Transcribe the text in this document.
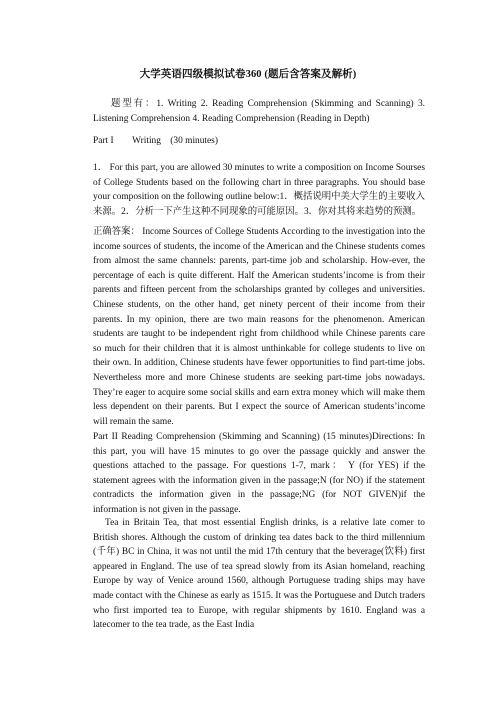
大学英语四级模拟试卷360 (题后含答案及解析)

题型有：1. Writing 2. Reading Comprehension (Skimming and Scanning) 3. Listening Comprehension 4. Reading Comprehension (Reading in Depth)

Part I        Writing    (30 minutes)

1． For this part, you are allowed 30 minutes to write a composition on Income Sourses of College Students based on the following chart in three paragraphs. You should base your composition on the following outline below:1．概括说明中美大学生的主要收入来源。2．分析一下产生这种不同现象的可能原因。3．你对其将来趋势的预测。

正确答案： Income Sources of College Students According to the investigation into the income sources of students, the income of the American and the Chinese students comes from almost the same channels: parents, part-time job and scholarship. How-ever, the percentage of each is quite different. Half the American students’income is from their parents and fifteen percent from the scholarships granted by colleges and universities. Chinese students, on the other hand, get ninety percent of their income from their parents. In my opinion, there are two main reasons for the phenomenon. American students are taught to be independent right from childhood while Chinese parents care so much for their children that it is almost unthinkable for college students to live on their own. In addition, Chinese students have fewer opportunities to find part-time jobs. Nevertheless more and more Chinese students are seeking part-time jobs nowadays. They’re eager to acquire some social skills and earn extra money which will make them less dependent on their parents. But I expect the source of American students’income will remain the same.

Part II Reading Comprehension (Skimming and Scanning) (15 minutes)Directions: In this part, you will have 15 minutes to go over the passage quickly and answer the questions attached to the passage. For questions 1-7, mark： Y (for YES) if the statement agrees with the information given in the passage;N (for NO) if the statement contradicts the information given in the passage;NG (for NOT GIVEN)if the information is not given in the passage.

Tea in Britain Tea, that most essential English drinks, is a relative late comer to British shores. Although the custom of drinking tea dates back to the third millennium (千年) BC in China, it was not until the mid 17th century that the beverage(饮料) first appeared in England. The use of tea spread slowly from its Asian homeland, reaching Europe by way of Venice around 1560, although Portuguese trading ships may have made contact with the Chinese as early as 1515. It was the Portuguese and Dutch traders who first imported tea to Europe, with regular shipments by 1610. England was a latecomer to the tea trade, as the East India
